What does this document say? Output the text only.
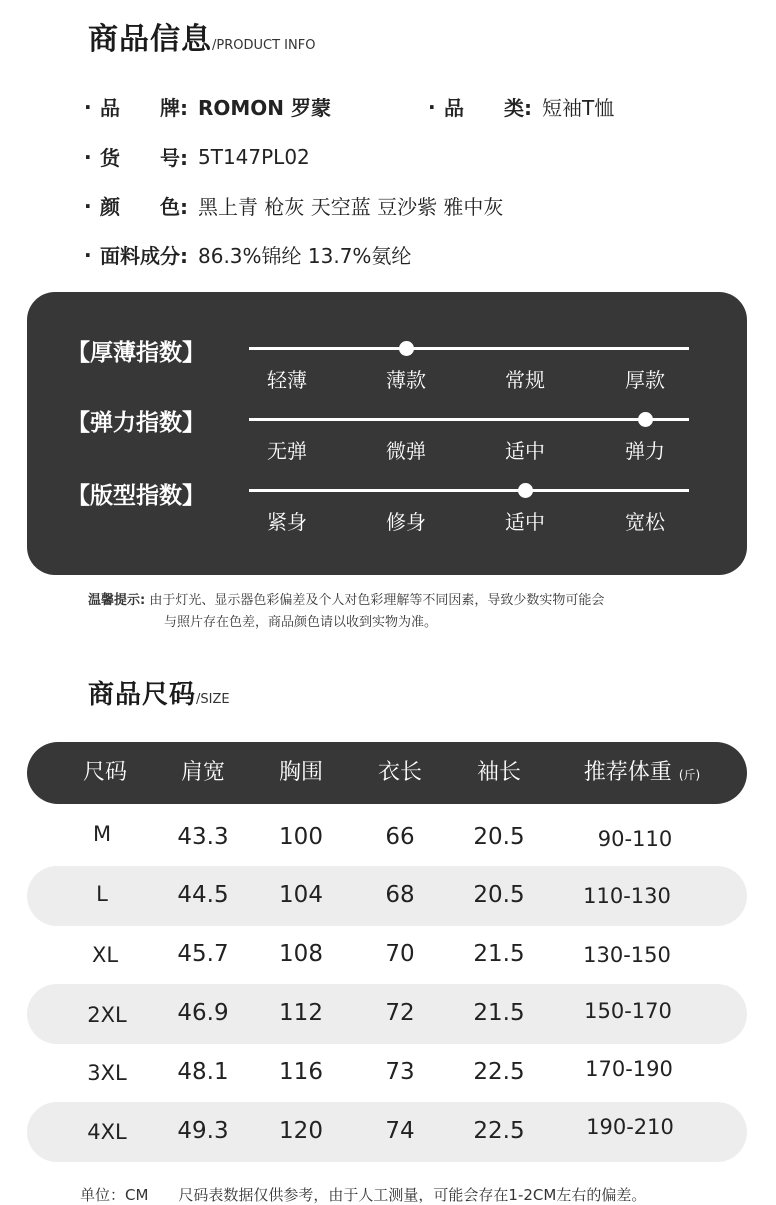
商品信息/PRODUCT INFO
· 品　　牌: ROMON 罗蒙	· 品　　类: 短袖T恤
· 货　　号: 5T147PL02
· 颜　　色: 黑上青 枪灰 天空蓝 豆沙紫 雅中灰
· 面料成分: 86.3%锦纶 13.7%氨纶
【厚薄指数】
轻薄	薄款	常规	厚款
【弹力指数】
无弹	微弹	适中	弹力
【版型指数】
紧身	修身	适中	宽松
温馨提示: 由于灯光、显示器色彩偏差及个人对色彩理解等不同因素，导致少数实物可能会
与照片存在色差，商品颜色请以收到实物为准。
商品尺码/SIZE
尺码	肩宽	胸围	衣长	袖长	推荐体重 (斤)
M	43.3	100	66	20.5	90-110
L	44.5	104	68	20.5	110-130
XL	45.7	108	70	21.5	130-150
2XL	46.9	112	72	21.5	150-170
3XL	48.1	116	73	22.5	170-190
4XL	49.3	120	74	22.5	190-210
单位：CM　　尺码表数据仅供参考，由于人工测量，可能会存在1-2CM左右的偏差。
